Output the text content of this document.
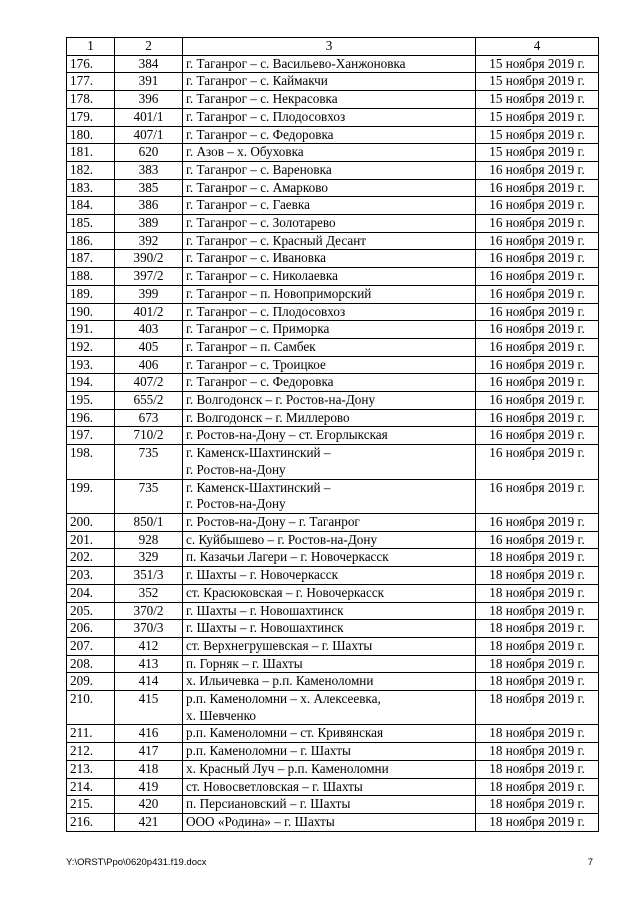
1	2	3	4
176.	384	г. Таганрог – с. Васильево-Ханжоновка	15 ноября 2019 г.
177.	391	г. Таганрог – с. Каймакчи	15 ноября 2019 г.
178.	396	г. Таганрог – с. Некрасовка	15 ноября 2019 г.
179.	401/1	г. Таганрог – с. Плодосовхоз	15 ноября 2019 г.
180.	407/1	г. Таганрог – с. Федоровка	15 ноября 2019 г.
181.	620	г. Азов – х. Обуховка	15 ноября 2019 г.
182.	383	г. Таганрог – с. Вареновка	16 ноября 2019 г.
183.	385	г. Таганрог – с. Амарково	16 ноября 2019 г.
184.	386	г. Таганрог – с. Гаевка	16 ноября 2019 г.
185.	389	г. Таганрог – с. Золотарево	16 ноября 2019 г.
186.	392	г. Таганрог – с. Красный Десант	16 ноября 2019 г.
187.	390/2	г. Таганрог – с. Ивановка	16 ноября 2019 г.
188.	397/2	г. Таганрог – с. Николаевка	16 ноября 2019 г.
189.	399	г. Таганрог – п. Новоприморский	16 ноября 2019 г.
190.	401/2	г. Таганрог – с. Плодосовхоз	16 ноября 2019 г.
191.	403	г. Таганрог – с. Приморка	16 ноября 2019 г.
192.	405	г. Таганрог – п. Самбек	16 ноября 2019 г.
193.	406	г. Таганрог – с. Троицкое	16 ноября 2019 г.
194.	407/2	г. Таганрог – с. Федоровка	16 ноября 2019 г.
195.	655/2	г. Волгодонск – г. Ростов-на-Дону	16 ноября 2019 г.
196.	673	г. Волгодонск – г. Миллерово	16 ноября 2019 г.
197.	710/2	г. Ростов-на-Дону – ст. Егорлыкская	16 ноября 2019 г.
198.	735	г. Каменск-Шахтинский –
г. Ростов-на-Дону	16 ноября 2019 г.
199.	735	г. Каменск-Шахтинский –
г. Ростов-на-Дону	16 ноября 2019 г.
200.	850/1	г. Ростов-на-Дону – г. Таганрог	16 ноября 2019 г.
201.	928	с. Куйбышево – г. Ростов-на-Дону	16 ноября 2019 г.
202.	329	п. Казачьи Лагери – г. Новочеркасск	18 ноября 2019 г.
203.	351/3	г. Шахты – г. Новочеркасск	18 ноября 2019 г.
204.	352	ст. Красюковская – г. Новочеркасск	18 ноября 2019 г.
205.	370/2	г. Шахты – г. Новошахтинск	18 ноября 2019 г.
206.	370/3	г. Шахты – г. Новошахтинск	18 ноября 2019 г.
207.	412	ст. Верхнегрушевская – г. Шахты	18 ноября 2019 г.
208.	413	п. Горняк – г. Шахты	18 ноября 2019 г.
209.	414	х. Ильичевка – р.п. Каменоломни	18 ноября 2019 г.
210.	415	р.п. Каменоломни – х. Алексеевка,
х. Шевченко	18 ноября 2019 г.
211.	416	р.п. Каменоломни – ст. Кривянская	18 ноября 2019 г.
212.	417	р.п. Каменоломни – г. Шахты	18 ноября 2019 г.
213.	418	х. Красный Луч – р.п. Каменоломни	18 ноября 2019 г.
214.	419	ст. Новосветловская – г. Шахты	18 ноября 2019 г.
215.	420	п. Персиановский – г. Шахты	18 ноября 2019 г.
216.	421	ООО «Родина» – г. Шахты	18 ноября 2019 г.
Y:\ORST\Ppo\0620p431.f19.docx	7
